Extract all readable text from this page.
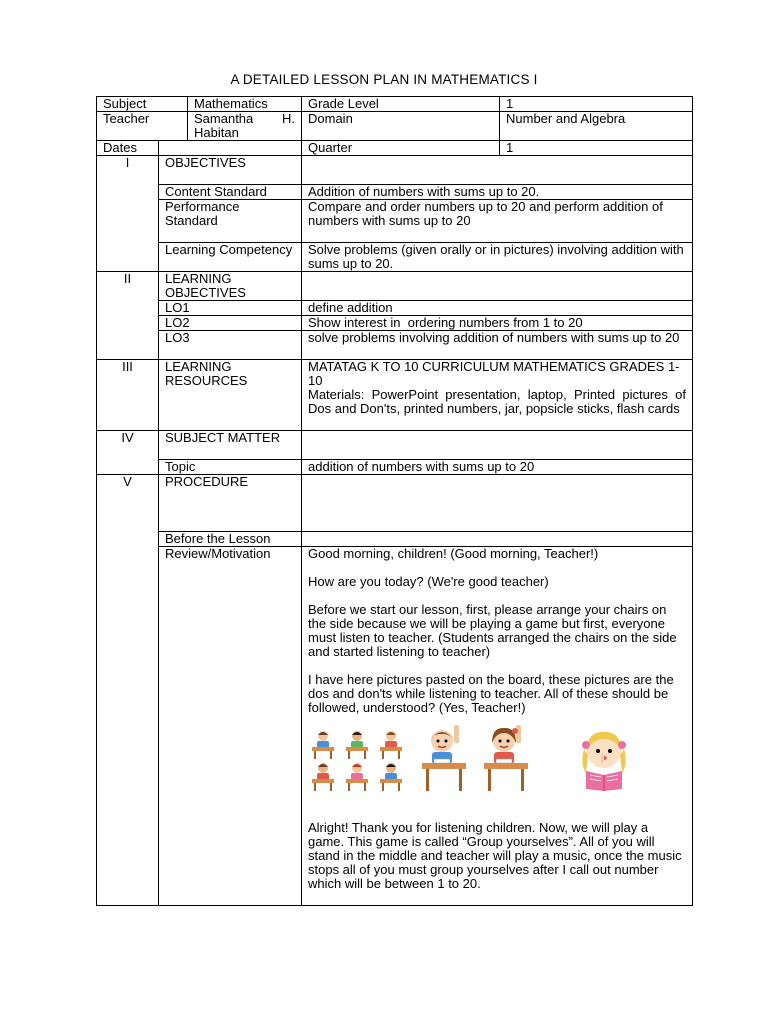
A DETAILED LESSON PLAN IN MATHEMATICS I
Subject		Mathematics	Grade Level	1
Teacher		Samantha H. Habitan	Domain	Number and Algebra
Dates			Quarter	1
I	OBJECTIVES			
	Content Standard		Addition of numbers with sums up to 20.	
	Performance Standard		Compare and order numbers up to 20 and perform addition of numbers with sums up to 20	
	Learning Competency		Solve problems (given orally or in pictures) involving addition with sums up to 20.	
II	LEARNING OBJECTIVES			
	LO1		define addition	
	LO2		Show interest in  ordering numbers from 1 to 20	
	LO3		solve problems involving addition of numbers with sums up to 20	
III	LEARNING RESOURCES		MATATAG K TO 10 CURRICULUM MATHEMATICS GRADES 1-10

Materials: PowerPoint presentation, laptop, Printed pictures of Dos and Don'ts, printed numbers, jar, popsicle sticks, flash cards	

IV	SUBJECT MATTER			
	Topic		addition of numbers with sums up to 20	
V	PROCEDURE			
	Before the Lesson			
	Review/Motivation		Good morning, children! (Good morning, Teacher!)

How are you today? (We're good teacher)

Before we start our lesson, first, please arrange your chairs on the side because we will be playing a game but first, everyone must listen to teacher. (Students arranged the chairs on the side and started listening to teacher)

I have here pictures pasted on the board, these pictures are the dos and don'ts while listening to teacher. All of these should be followed, understood? (Yes, Teacher!)

Alright! Thank you for listening children. Now, we will play a game. This game is called “Group yourselves”. All of you will stand in the middle and teacher will play a music, once the music stops all of you must group yourselves after I call out number which will be between 1 to 20.	
